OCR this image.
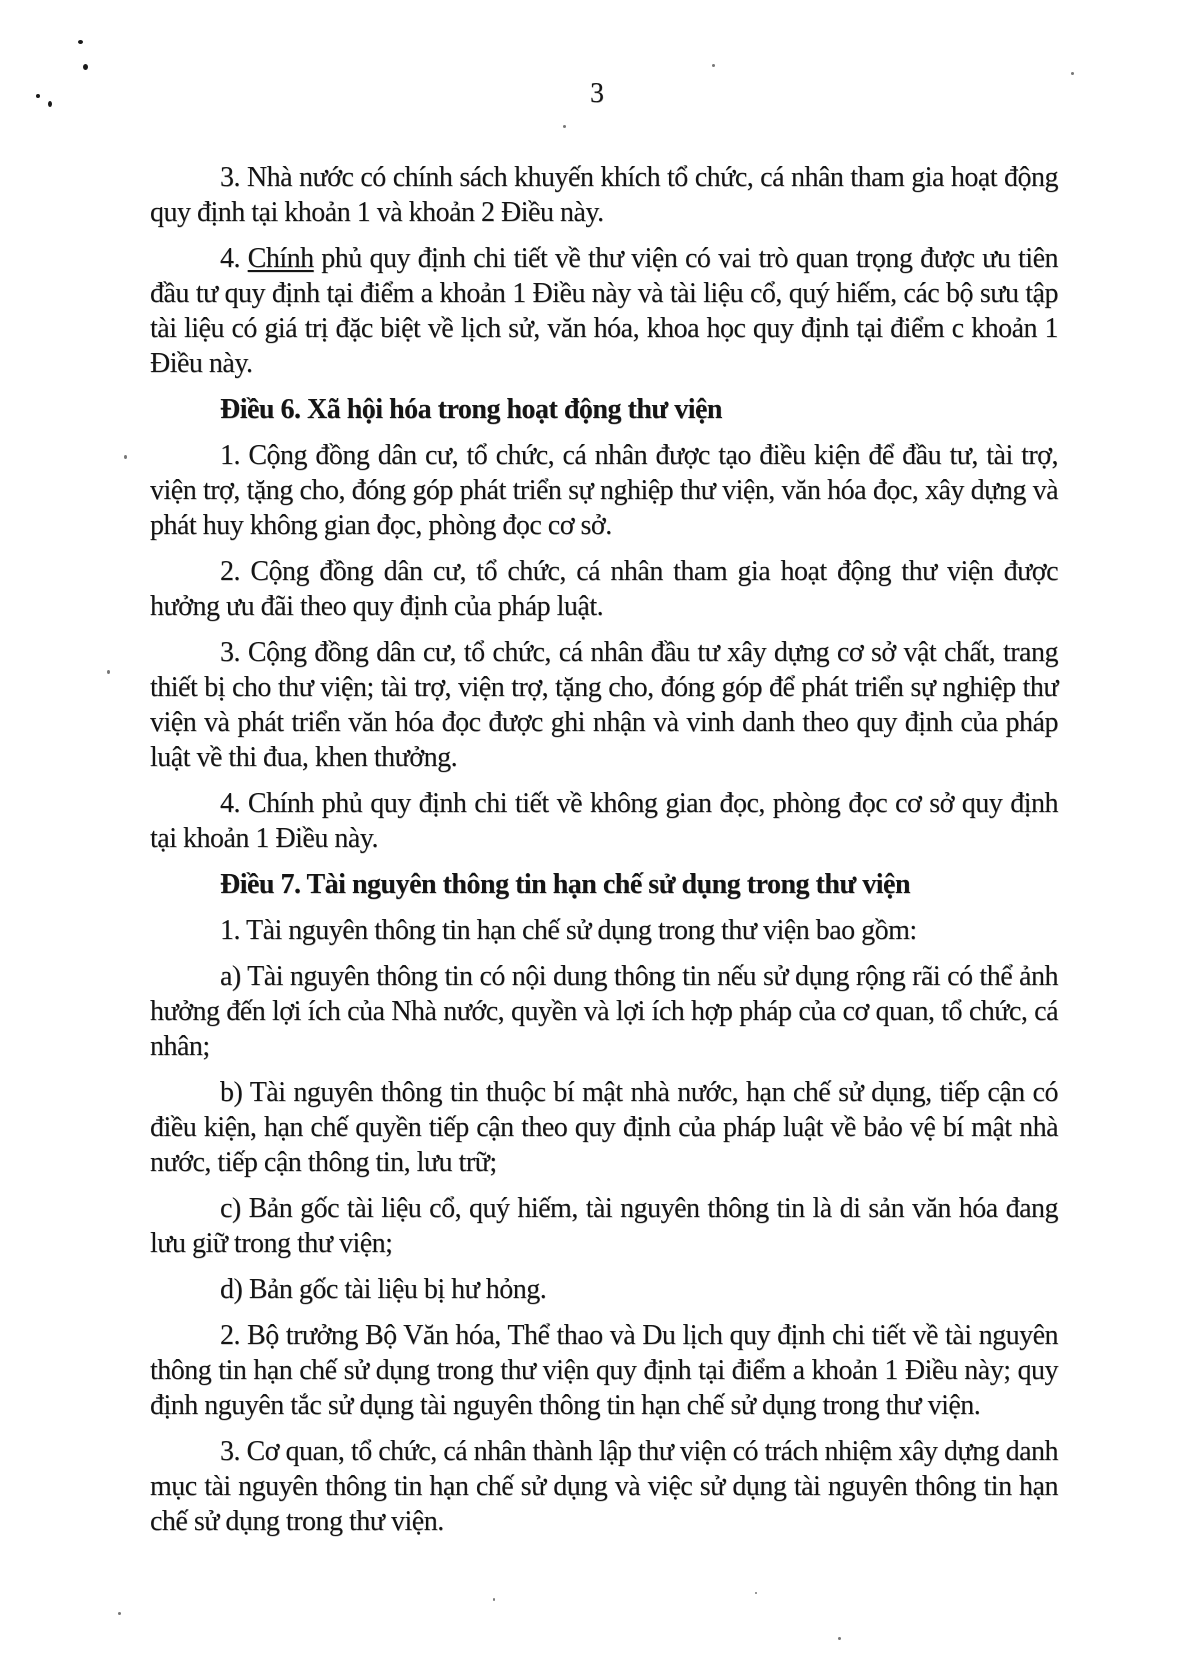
3

3. Nhà nước có chính sách khuyến khích tổ chức, cá nhân tham gia hoạt động quy định tại khoản 1 và khoản 2 Điều này.

4. Chính phủ quy định chi tiết về thư viện có vai trò quan trọng được ưu tiên đầu tư quy định tại điểm a khoản 1 Điều này và tài liệu cổ, quý hiếm, các bộ sưu tập tài liệu có giá trị đặc biệt về lịch sử, văn hóa, khoa học quy định tại điểm c khoản 1 Điều này.

Điều 6. Xã hội hóa trong hoạt động thư viện

1. Cộng đồng dân cư, tổ chức, cá nhân được tạo điều kiện để đầu tư, tài trợ, viện trợ, tặng cho, đóng góp phát triển sự nghiệp thư viện, văn hóa đọc, xây dựng và phát huy không gian đọc, phòng đọc cơ sở.

2. Cộng đồng dân cư, tổ chức, cá nhân tham gia hoạt động thư viện được hưởng ưu đãi theo quy định của pháp luật.

3. Cộng đồng dân cư, tổ chức, cá nhân đầu tư xây dựng cơ sở vật chất, trang thiết bị cho thư viện; tài trợ, viện trợ, tặng cho, đóng góp để phát triển sự nghiệp thư viện và phát triển văn hóa đọc được ghi nhận và vinh danh theo quy định của pháp luật về thi đua, khen thưởng.

4. Chính phủ quy định chi tiết về không gian đọc, phòng đọc cơ sở quy định tại khoản 1 Điều này.

Điều 7. Tài nguyên thông tin hạn chế sử dụng trong thư viện

1. Tài nguyên thông tin hạn chế sử dụng trong thư viện bao gồm:

a) Tài nguyên thông tin có nội dung thông tin nếu sử dụng rộng rãi có thể ảnh hưởng đến lợi ích của Nhà nước, quyền và lợi ích hợp pháp của cơ quan, tổ chức, cá nhân;

b) Tài nguyên thông tin thuộc bí mật nhà nước, hạn chế sử dụng, tiếp cận có điều kiện, hạn chế quyền tiếp cận theo quy định của pháp luật về bảo vệ bí mật nhà nước, tiếp cận thông tin, lưu trữ;

c) Bản gốc tài liệu cổ, quý hiếm, tài nguyên thông tin là di sản văn hóa đang lưu giữ trong thư viện;

d) Bản gốc tài liệu bị hư hỏng.

2. Bộ trưởng Bộ Văn hóa, Thể thao và Du lịch quy định chi tiết về tài nguyên thông tin hạn chế sử dụng trong thư viện quy định tại điểm a khoản 1 Điều này; quy định nguyên tắc sử dụng tài nguyên thông tin hạn chế sử dụng trong thư viện.

3. Cơ quan, tổ chức, cá nhân thành lập thư viện có trách nhiệm xây dựng danh mục tài nguyên thông tin hạn chế sử dụng và việc sử dụng tài nguyên thông tin hạn chế sử dụng trong thư viện.
